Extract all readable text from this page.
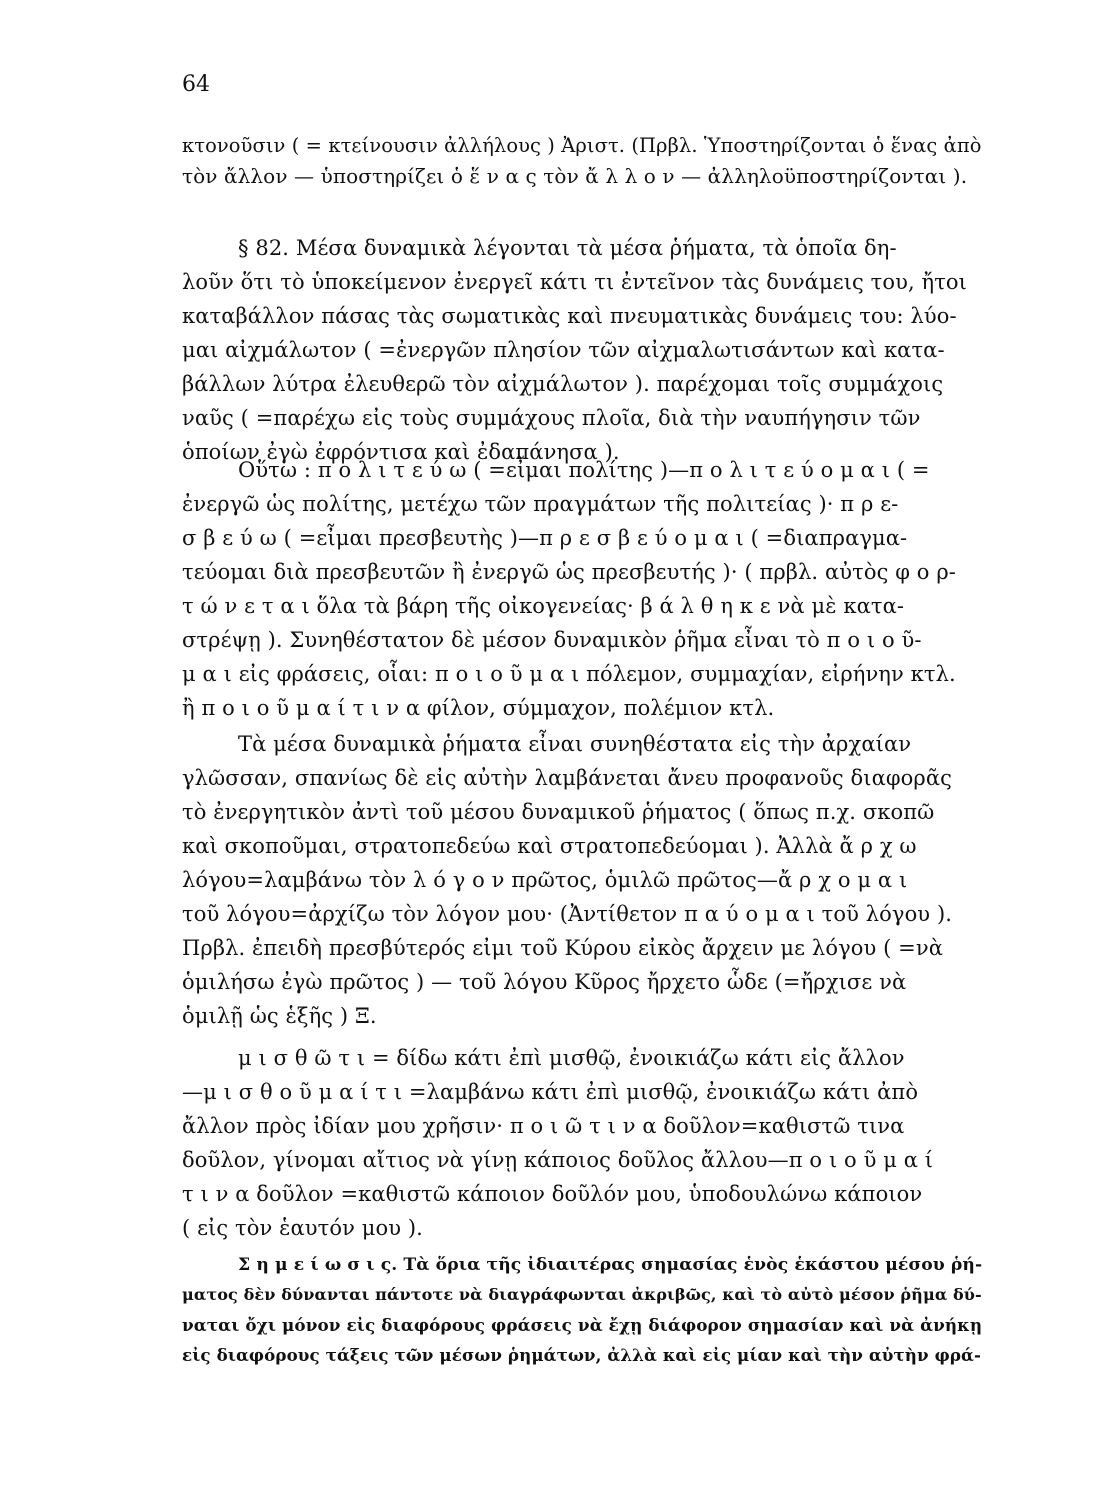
64
κτονοῦσιν ( = κτείνουσιν ἀλλήλους ) Ἀριστ. (Πρβλ. Ὑποστηρίζονται ὁ ἕνας ἀπὸ
τὸν ἄλλον — ὑποστηρίζει ὁ ἕ ν α ς τὸν ἄ λ λ ο ν — ἀλληλοϋποστηρίζονται ).
§ 82. Μέσα δυναμικὰ λέγονται τὰ μέσα ῥήματα, τὰ ὁποῖα δη-
λοῦν ὅτι τὸ ὑποκείμενον ἐνεργεῖ κάτι τι ἐντεῖνον τὰς δυνάμεις του, ἤτοι
καταβάλλον πάσας τὰς σωματικὰς καὶ πνευματικὰς δυνάμεις του: λύο-
μαι αἰχμάλωτον ( =ἐνεργῶν πλησίον τῶν αἰχμαλωτισάντων καὶ κατα-
βάλλων λύτρα ἐλευθερῶ τὸν αἰχμάλωτον ). παρέχομαι τοῖς συμμάχοις
ναῦς ( =παρέχω εἰς τοὺς συμμάχους πλοῖα, διὰ τὴν ναυπήγησιν τῶν
ὁποίων ἐγὼ ἐφρόντισα καὶ ἐδαπάνησα ).
Οὕτω : π ο λ ι τ ε ύ ω ( =εἶμαι πολίτης )—π ο λ ι τ ε ύ ο μ α ι ( =
ἐνεργῶ ὡς πολίτης, μετέχω τῶν πραγμάτων τῆς πολιτείας )· π ρ ε-
σ β ε ύ ω ( =εἶμαι πρεσβευτὴς )—π ρ ε σ β ε ύ ο μ α ι ( =διαπραγμα-
τεύομαι διὰ πρεσβευτῶν ἢ ἐνεργῶ ὡς πρεσβευτής )· ( πρβλ. αὐτὸς φ ο ρ-
τ ώ ν ε τ α ι ὅλα τὰ βάρη τῆς οἰκογενείας· β ά λ θ η κ ε νὰ μὲ κατα-
στρέψῃ ). Συνηθέστατον δὲ μέσον δυναμικὸν ῥῆμα εἶναι τὸ π ο ι ο ῦ-
μ α ι εἰς φράσεις, οἷαι: π ο ι ο ῦ μ α ι πόλεμον, συμμαχίαν, εἰρήνην κτλ.
ἢ π ο ι ο ῦ μ α ί τ ι ν α φίλον, σύμμαχον, πολέμιον κτλ.
Τὰ μέσα δυναμικὰ ῥήματα εἶναι συνηθέστατα εἰς τὴν ἀρχαίαν
γλῶσσαν, σπανίως δὲ εἰς αὐτὴν λαμβάνεται ἄνευ προφανοῦς διαφορᾶς
τὸ ἐνεργητικὸν ἀντὶ τοῦ μέσου δυναμικοῦ ῥήματος ( ὅπως π.χ. σκοπῶ
καὶ σκοποῦμαι, στρατοπεδεύω καὶ στρατοπεδεύομαι ). Ἀλλὰ ἄ ρ χ ω
λόγου=λαμβάνω τὸν λ ό γ ο ν πρῶτος, ὁμιλῶ πρῶτος—ἄ ρ χ ο μ α ι
τοῦ λόγου=ἀρχίζω τὸν λόγον μου· (Ἀντίθετον π α ύ ο μ α ι τοῦ λόγου ).
Πρβλ. ἐπειδὴ πρεσβύτερός εἰμι τοῦ Κύρου εἰκὸς ἄρχειν με λόγου ( =νὰ
ὁμιλήσω ἐγὼ πρῶτος ) — τοῦ λόγου Κῦρος ἤρχετο ὧδε (=ἤρχισε νὰ
ὁμιλῇ ὡς ἑξῆς ) Ξ.
μ ι σ θ ῶ τ ι = δίδω κάτι ἐπὶ μισθῷ, ἐνοικιάζω κάτι εἰς ἄλλον
—μ ι σ θ ο ῦ μ α ί τ ι =λαμβάνω κάτι ἐπὶ μισθῷ, ἐνοικιάζω κάτι ἀπὸ
ἄλλον πρὸς ἰδίαν μου χρῆσιν· π ο ι ῶ τ ι ν α δοῦλον=καθιστῶ τινα
δοῦλον, γίνομαι αἴτιος νὰ γίνῃ κάποιος δοῦλος ἄλλου—π ο ι ο ῦ μ α ί
τ ι ν α δοῦλον =καθιστῶ κάποιον δοῦλόν μου, ὑποδουλώνω κάποιον
( εἰς τὸν ἑαυτόν μου ).
Σ η μ ε ί ω σ ι ς. Τὰ ὅρια τῆς ἰδιαιτέρας σημασίας ἑνὸς ἑκάστου μέσου ῥή-
ματος δὲν δύνανται πάντοτε νὰ διαγράφωνται ἀκριβῶς, καὶ τὸ αὐτὸ μέσον ῥῆμα δύ-
ναται ὄχι μόνον εἰς διαφόρους φράσεις νὰ ἔχῃ διάφορον σημασίαν καὶ νὰ ἀνήκῃ
εἰς διαφόρους τάξεις τῶν μέσων ῥημάτων, ἀλλὰ καὶ εἰς μίαν καὶ τὴν αὐτὴν φρά-
